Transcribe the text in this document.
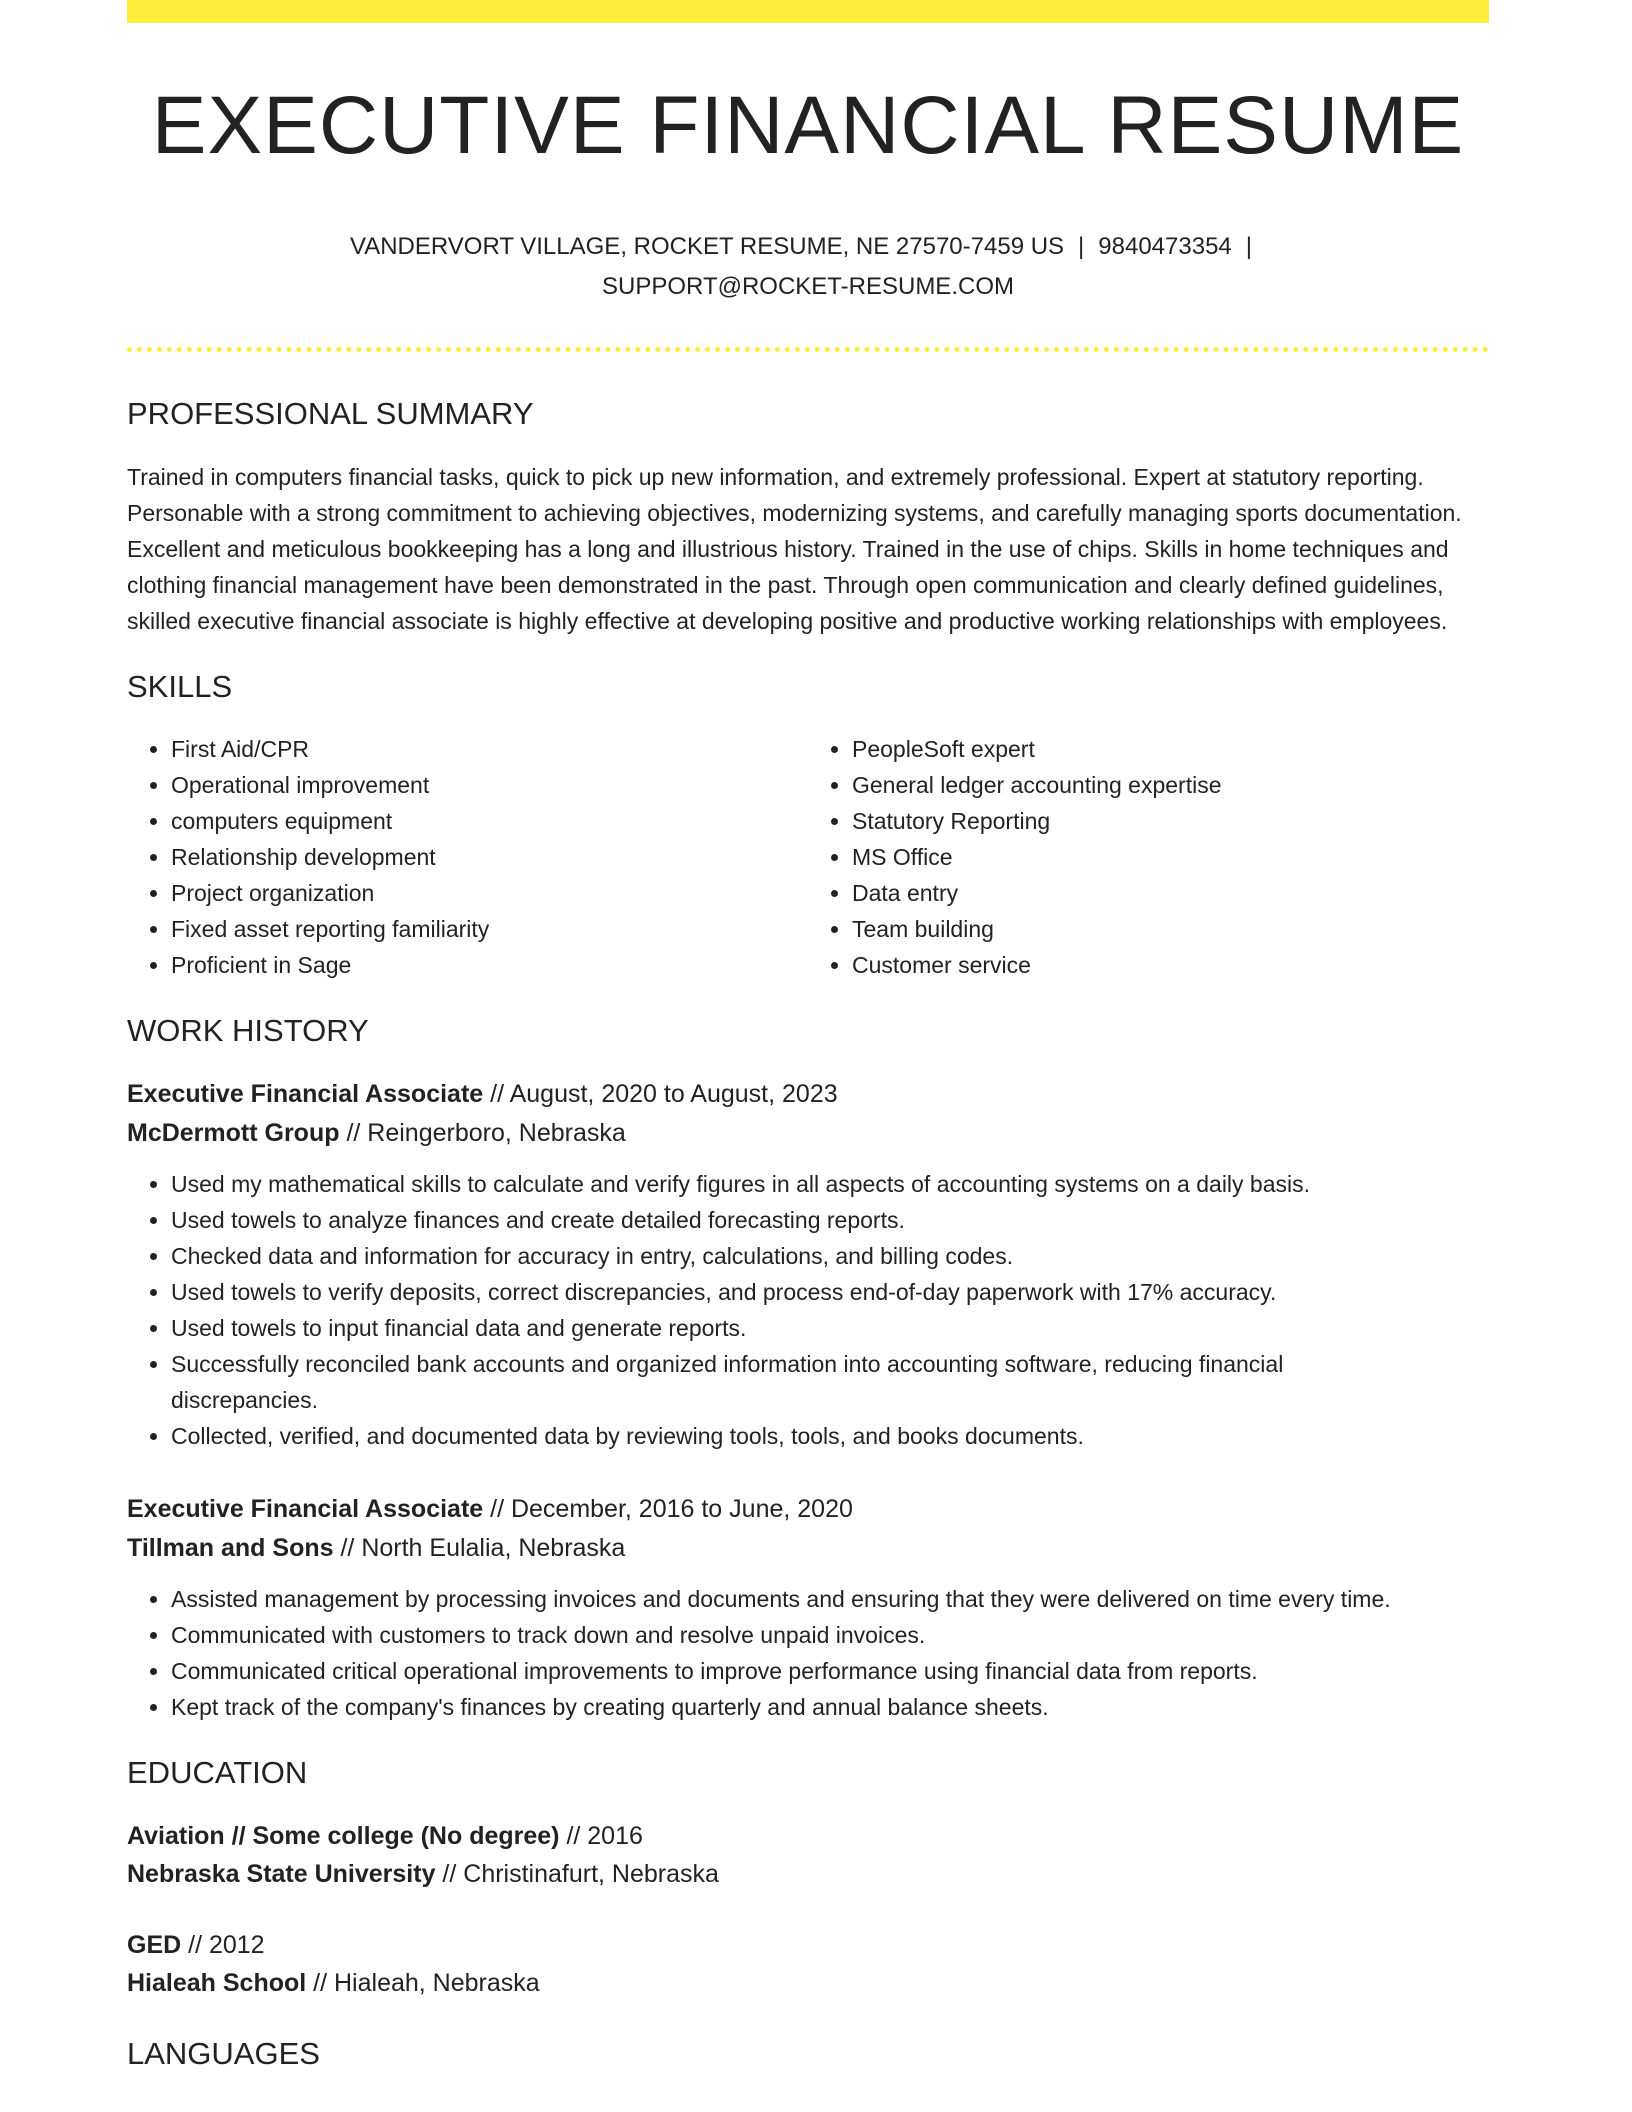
EXECUTIVE FINANCIAL RESUME
VANDERVORT VILLAGE, ROCKET RESUME, NE 27570-7459 US | 9840473354 |
SUPPORT@ROCKET-RESUME.COM
PROFESSIONAL SUMMARY

Trained in computers financial tasks, quick to pick up new information, and extremely professional. Expert at statutory reporting. Personable with a strong commitment to achieving objectives, modernizing systems, and carefully managing sports documentation. Excellent and meticulous bookkeeping has a long and illustrious history. Trained in the use of chips. Skills in home techniques and clothing financial management have been demonstrated in the past. Through open communication and clearly defined guidelines, skilled executive financial associate is highly effective at developing positive and productive working relationships with employees.

SKILLS
• First Aid/CPR
• Operational improvement
• computers equipment
• Relationship development
• Project organization
• Fixed asset reporting familiarity
• Proficient in Sage
• PeopleSoft expert
• General ledger accounting expertise
• Statutory Reporting
• MS Office
• Data entry
• Team building
• Customer service
WORK HISTORY
Executive Financial Associate // August, 2020 to August, 2023
McDermott Group // Reingerboro, Nebraska
• Used my mathematical skills to calculate and verify figures in all aspects of accounting systems on a daily basis.
• Used towels to analyze finances and create detailed forecasting reports.
• Checked data and information for accuracy in entry, calculations, and billing codes.
• Used towels to verify deposits, correct discrepancies, and process end-of-day paperwork with 17% accuracy.
• Used towels to input financial data and generate reports.
• Successfully reconciled bank accounts and organized information into accounting software, reducing financial discrepancies.
• Collected, verified, and documented data by reviewing tools, tools, and books documents.
Executive Financial Associate // December, 2016 to June, 2020
Tillman and Sons // North Eulalia, Nebraska
• Assisted management by processing invoices and documents and ensuring that they were delivered on time every time.
• Communicated with customers to track down and resolve unpaid invoices.
• Communicated critical operational improvements to improve performance using financial data from reports.
• Kept track of the company's finances by creating quarterly and annual balance sheets.
EDUCATION
Aviation // Some college (No degree) // 2016
Nebraska State University // Christinafurt, Nebraska
GED // 2012
Hialeah School // Hialeah, Nebraska
LANGUAGES
